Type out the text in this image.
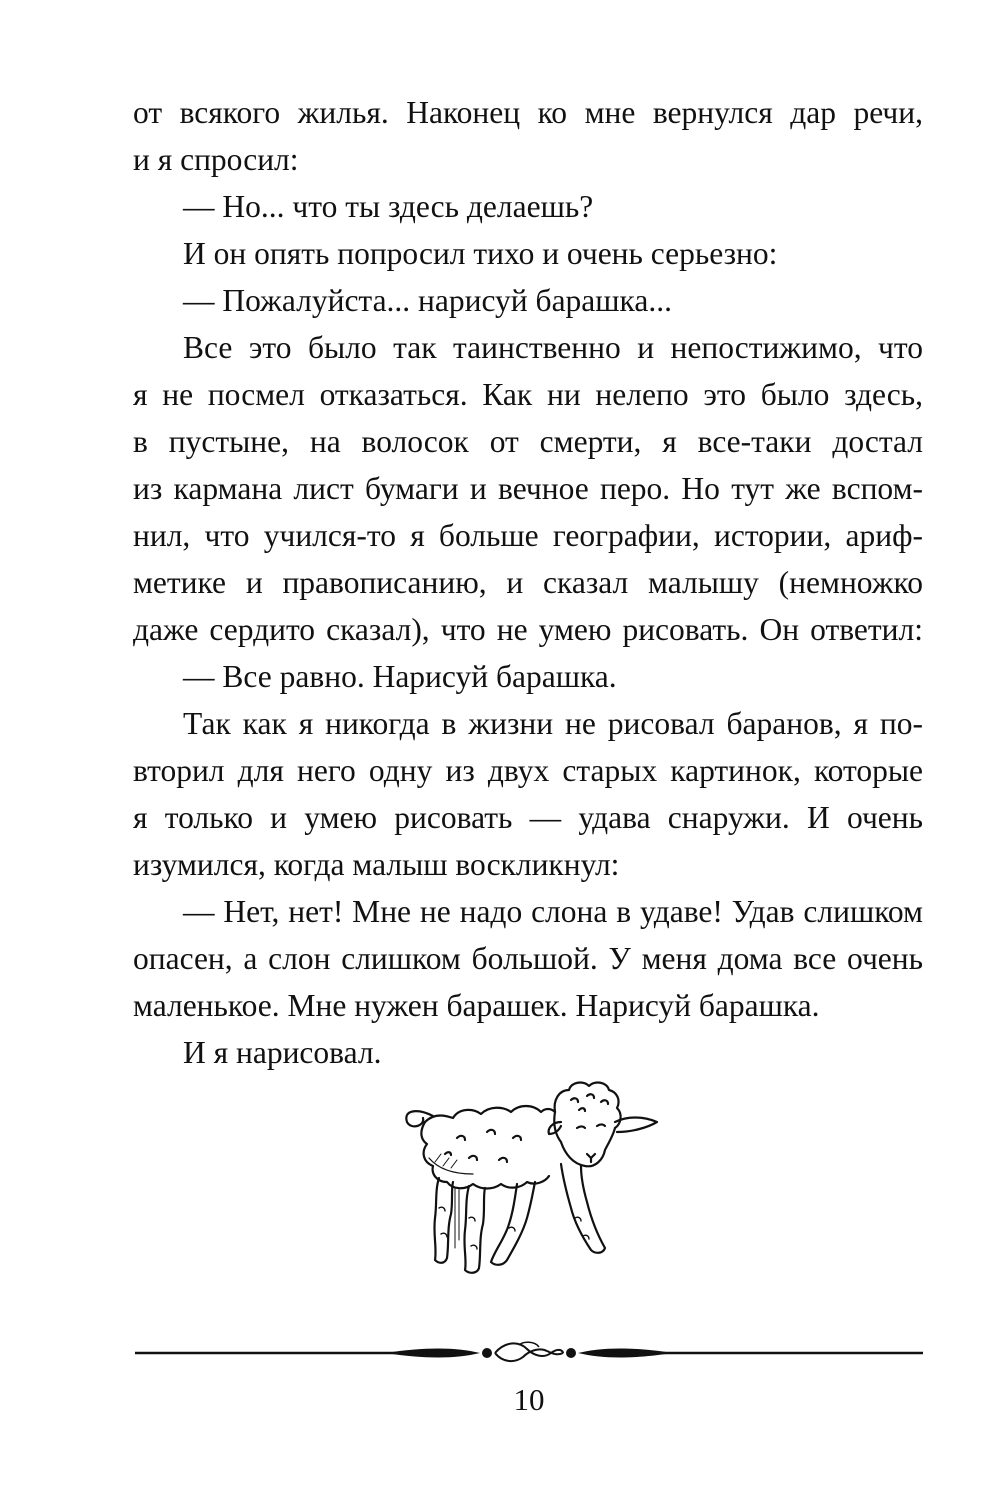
от всякого жилья. Наконец ко мне вернулся дар речи,
и я спросил:
— Но... что ты здесь делаешь?
И он опять попросил тихо и очень серьезно:
— Пожалуйста... нарисуй барашка...
Все это было так таинственно и непостижимо, что
я не посмел отказаться. Как ни нелепо это было здесь,
в пустыне, на волосок от смерти, я все-таки достал
из кармана лист бумаги и вечное перо. Но тут же вспом-
нил, что учился-то я больше географии, истории, ариф-
метике и правописанию, и сказал малышу (немножко
даже сердито сказал), что не умею рисовать. Он ответил:
— Все равно. Нарисуй барашка.
Так как я никогда в жизни не рисовал баранов, я по-
вторил для него одну из двух старых картинок, которые
я только и умею рисовать — удава снаружи. И очень
изумился, когда малыш воскликнул:
— Нет, нет! Мне не надо слона в удаве! Удав слишком
опасен, а слон слишком большой. У меня дома все очень
маленькое. Мне нужен барашек. Нарисуй барашка.
И я нарисовал.
10
